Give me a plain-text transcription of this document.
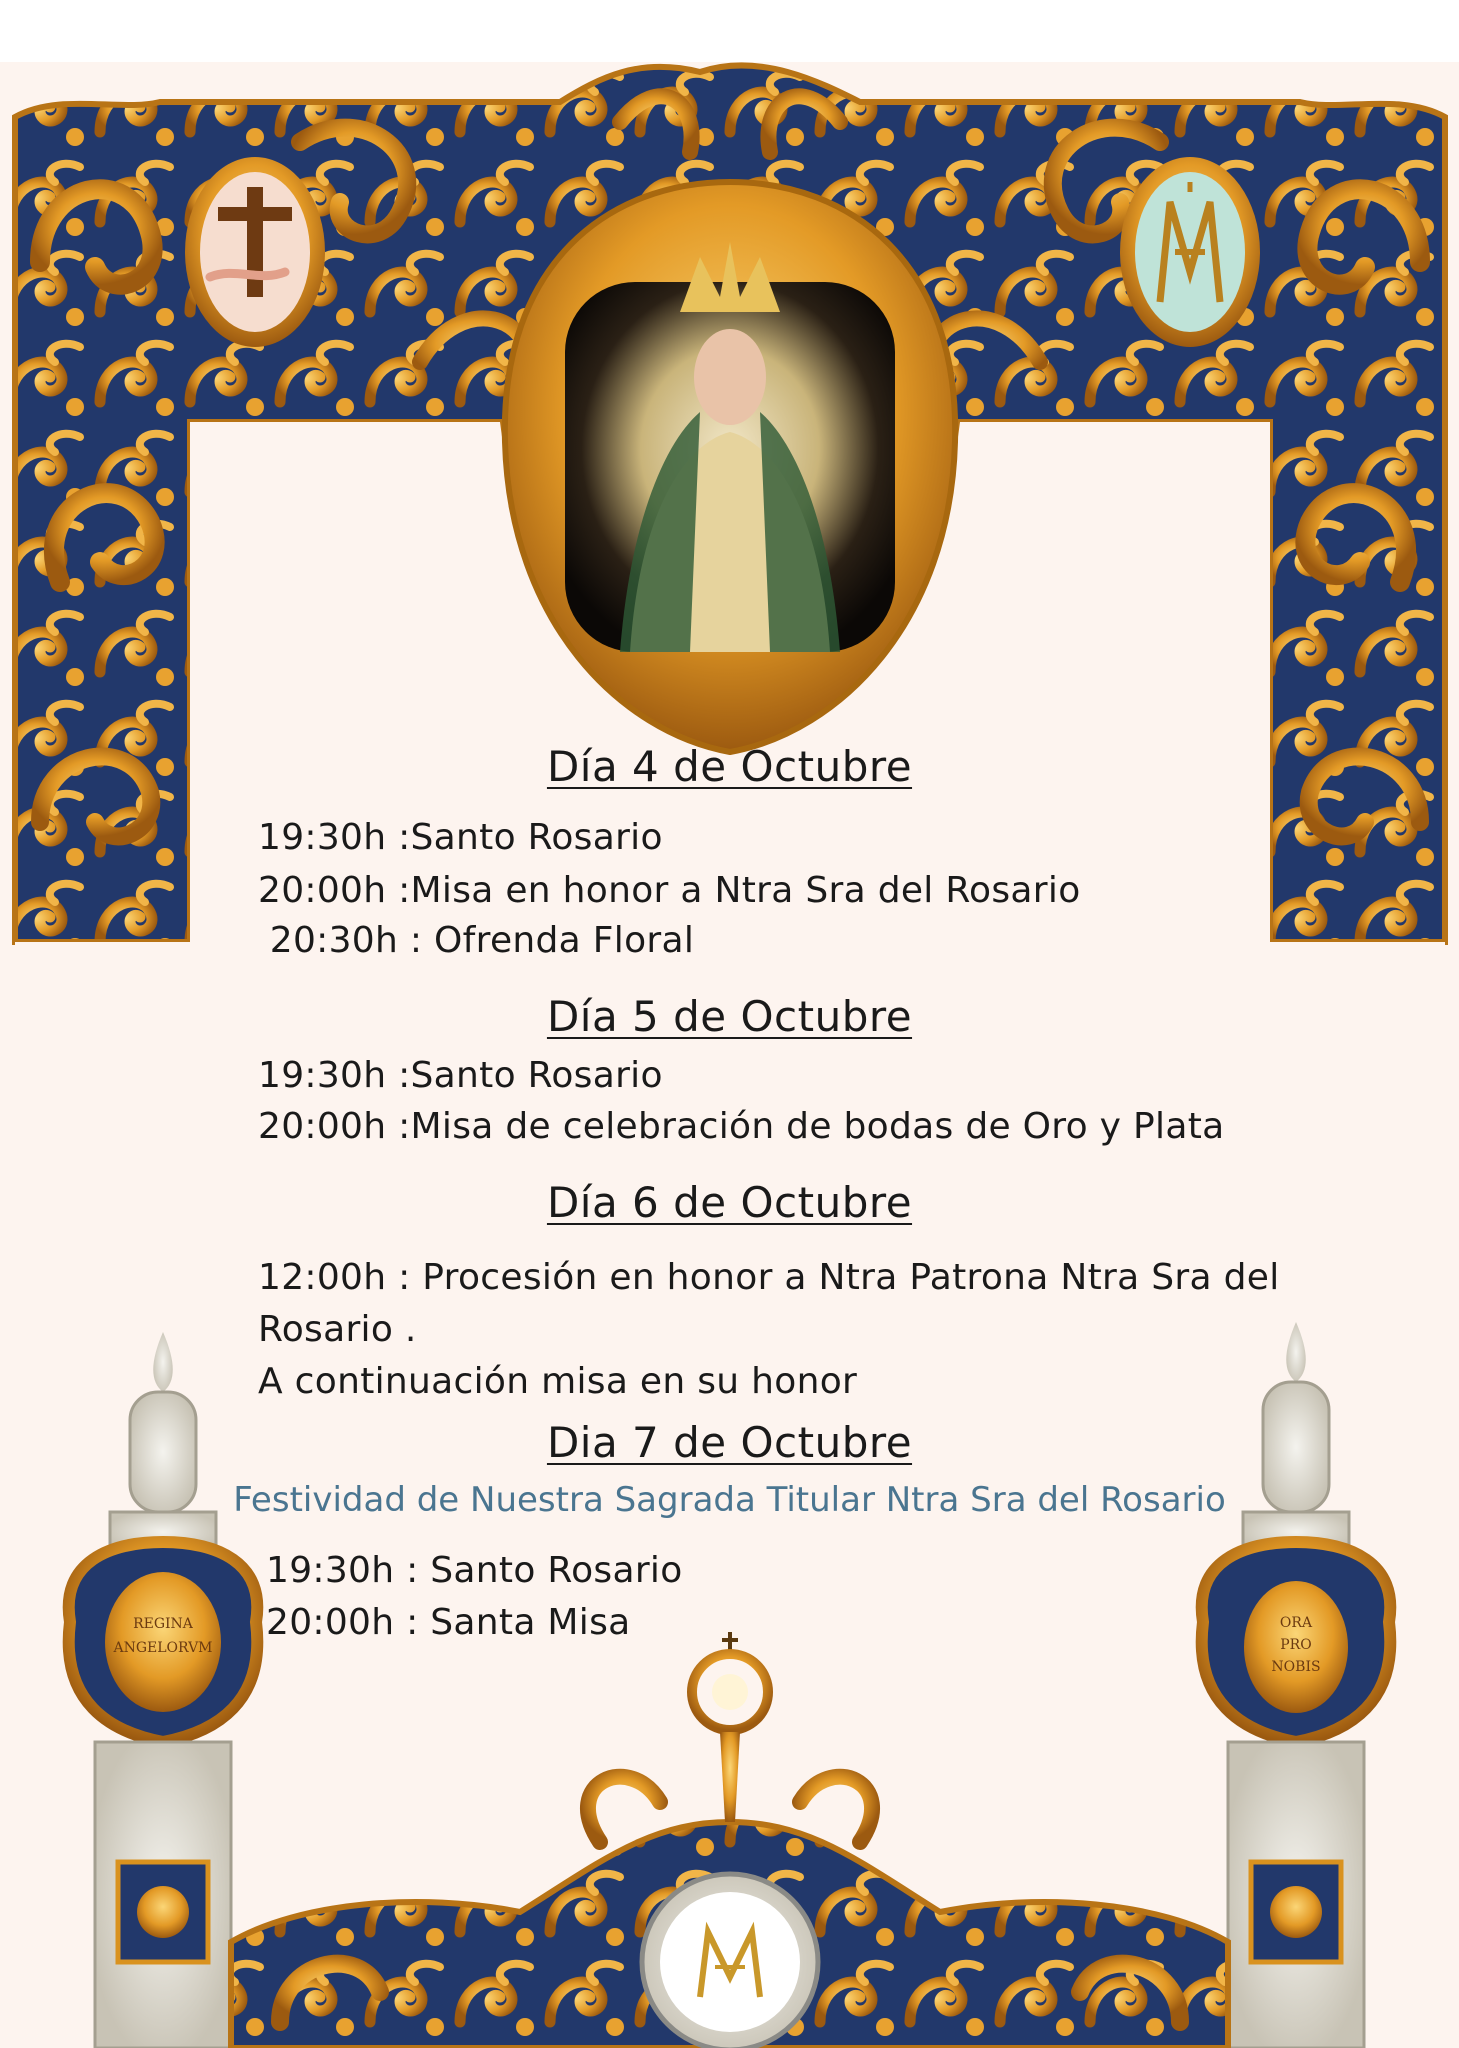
REGINA
ANGELORVM
ORA
PRO
NOBIS
Día 4 de Octubre
19:30h :Santo Rosario
20:00h :Misa en honor a Ntra Sra del Rosario
20:30h : Ofrenda Floral
Día 5 de Octubre
19:30h :Santo Rosario
20:00h :Misa de celebración de bodas de Oro y Plata
Día 6 de Octubre
12:00h : Procesión en honor a Ntra Patrona Ntra Sra del
Rosario .
A continuación misa en su honor
Dia 7 de Octubre
Festividad de Nuestra Sagrada Titular Ntra Sra del Rosario
19:30h : Santo Rosario
20:00h : Santa Misa
